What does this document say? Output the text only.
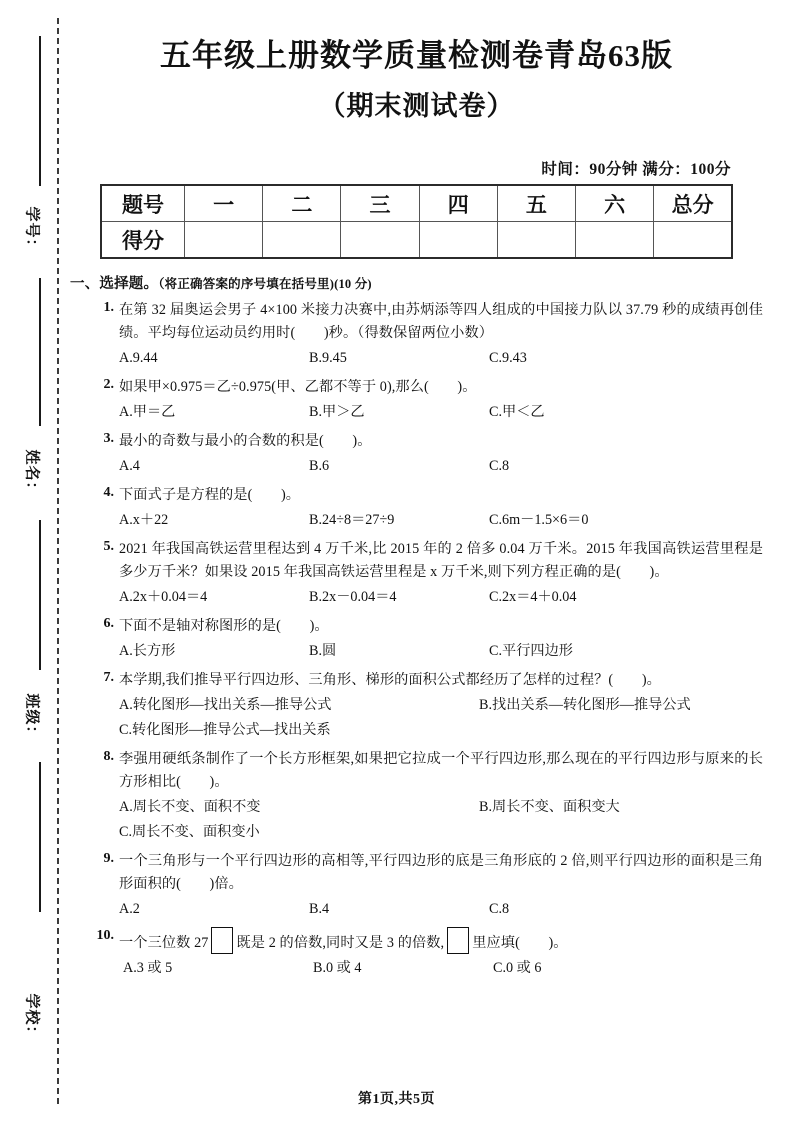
学号：
姓名：
班级：
学校：
五年级上册数学质量检测卷青岛63版
（期末测试卷）
时间：90分钟 满分：100分
题号	一	二	三	四	五	六	总分
得分							
一、选择题。（将正确答案的序号填在括号里)(10 分)
1. 在第 32 届奥运会男子 4×100 米接力决赛中,由苏炳添等四人组成的中国接力队以 37.79 秒的成绩再创佳绩。平均每位运动员约用时(　　)秒。（得数保留两位小数）
A.9.44	B.9.45	C.9.43
2. 如果甲×0.975＝乙÷0.975(甲、乙都不等于 0),那么(　　)。
A.甲＝乙	B.甲＞乙	C.甲＜乙
3. 最小的奇数与最小的合数的积是(　　)。
A.4	B.6	C.8
4. 下面式子是方程的是(　　)。
A.x＋22	B.24÷8＝27÷9	C.6m－1.5×6＝0
5. 2021 年我国高铁运营里程达到 4 万千米,比 2015 年的 2 倍多 0.04 万千米。2015 年我国高铁运营里程是多少万千米？如果设 2015 年我国高铁运营里程是 x 万千米,则下列方程正确的是(　　)。
A.2x＋0.04＝4	B.2x－0.04＝4	C.2x＝4＋0.04
6. 下面不是轴对称图形的是(　　)。
A.长方形	B.圆	C.平行四边形
7. 本学期,我们推导平行四边形、三角形、梯形的面积公式都经历了怎样的过程？(　　)。
A.转化图形—找出关系—推导公式	B.找出关系—转化图形—推导公式
C.转化图形—推导公式—找出关系
8. 李强用硬纸条制作了一个长方形框架,如果把它拉成一个平行四边形,那么现在的平行四边形与原来的长方形相比(　　)。
A.周长不变、面积不变	B.周长不变、面积变大
C.周长不变、面积变小
9. 一个三角形与一个平行四边形的高相等,平行四边形的底是三角形底的 2 倍,则平行四边形的面积是三角形面积的(　　)倍。
A.2	B.4	C.8
10. 一个三位数 27 既是 2 的倍数,同时又是 3 的倍数, 里应填(　　)。
A.3 或 5	B.0 或 4	C.0 或 6
第1页,共5页
